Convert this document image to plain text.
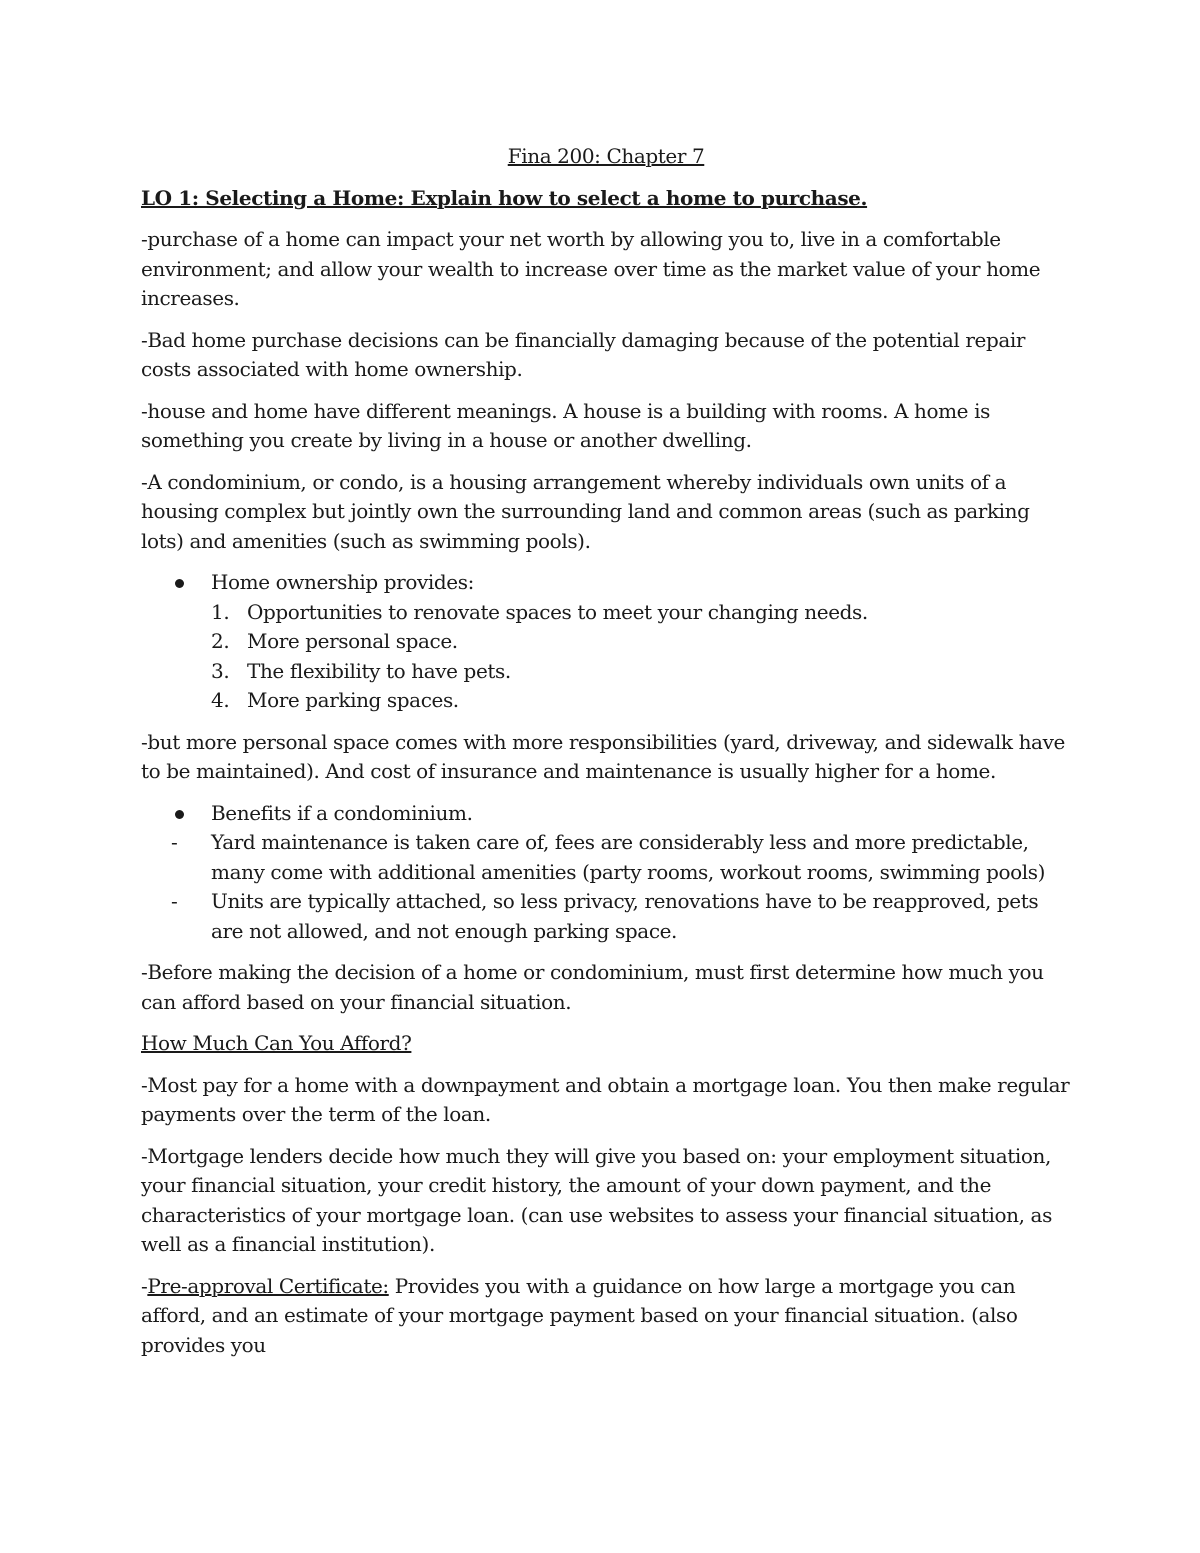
Fina 200: Chapter 7
LO 1: Selecting a Home: Explain how to select a home to purchase.

-purchase of a home can impact your net worth by allowing you to, live in a comfortable environment; and allow your wealth to increase over time as the market value of your home increases.

-Bad home purchase decisions can be financially damaging because of the potential repair costs associated with home ownership.

-house and home have different meanings. A house is a building with rooms. A home is something you create by living in a house or another dwelling.

-A condominium, or condo, is a housing arrangement whereby individuals own units of a housing complex but jointly own the surrounding land and common areas (such as parking lots) and amenities (such as swimming pools).

Home ownership provides:
1. Opportunities to renovate spaces to meet your changing needs.
2. More personal space.
3. The flexibility to have pets.
4. More parking spaces.

-but more personal space comes with more responsibilities (yard, driveway, and sidewalk have to be maintained). And cost of insurance and maintenance is usually higher for a home.

Benefits if a condominium.
- Yard maintenance is taken care of, fees are considerably less and more predictable, many come with additional amenities (party rooms, workout rooms, swimming pools)
- Units are typically attached, so less privacy, renovations have to be reapproved, pets are not allowed, and not enough parking space.

-Before making the decision of a home or condominium, must first determine how much you can afford based on your financial situation.

How Much Can You Afford?

-Most pay for a home with a downpayment and obtain a mortgage loan. You then make regular payments over the term of the loan.

-Mortgage lenders decide how much they will give you based on: your employment situation, your financial situation, your credit history, the amount of your down payment, and the characteristics of your mortgage loan. (can use websites to assess your financial situation, as well as a financial institution).

-Pre-approval Certificate: Provides you with a guidance on how large a mortgage you can afford, and an estimate of your mortgage payment based on your financial situation. (also provides you
